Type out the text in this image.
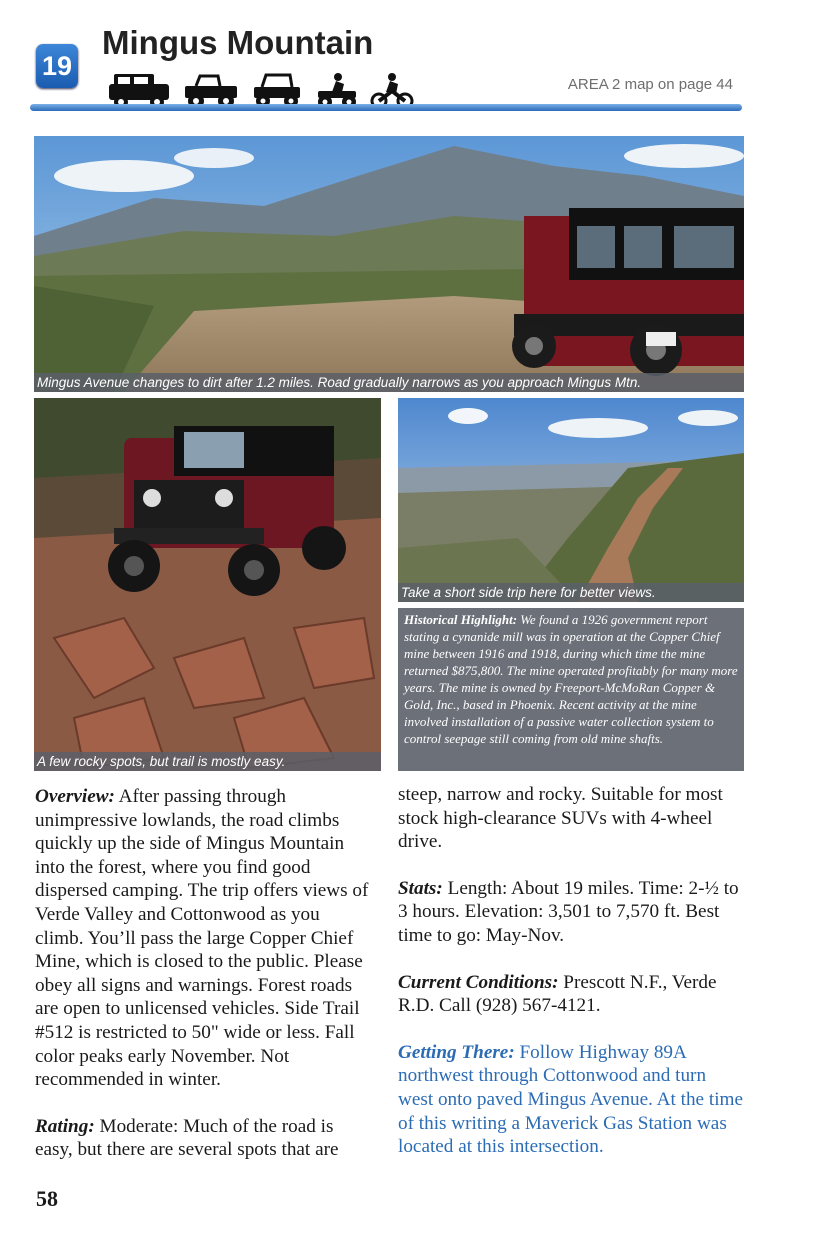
19
Mingus Mountain
AREA 2 map on page 44
Mingus Avenue changes to dirt after 1.2 miles. Road gradually narrows as you approach Mingus Mtn.
A few rocky spots, but trail is mostly easy.
Take a short side trip here for better views.
Historical Highlight: We found a 1926 government report stating a cynanide mill was in operation at the Copper Chief mine between 1916 and 1918, during which time the mine returned $875,800. The mine operated profitably for many more years. The mine is owned by Freeport-McMoRan Copper & Gold, Inc., based in Phoenix. Recent activity at the mine involved installation of a passive water collection system to control seepage still coming from old mine shafts.

Overview: After passing through unimpressive lowlands, the road climbs quickly up the side of Mingus Mountain into the forest, where you find good dispersed camping. The trip offers views of Verde Valley and Cottonwood as you climb. You’ll pass the large Copper Chief Mine, which is closed to the public. Please obey all signs and warnings. Forest roads are open to unlicensed vehicles. Side Trail #512 is restricted to 50" wide or less. Fall color peaks early November. Not recommended in winter.

Rating: Moderate: Much of the road is easy, but there are several spots that are

steep, narrow and rocky. Suitable for most stock high-clearance SUVs with 4-wheel drive.

Stats: Length: About 19 miles. Time: 2-½ to 3 hours. Elevation: 3,501 to 7,570 ft. Best time to go: May-Nov.

Current Conditions: Prescott N.F., Verde R.D. Call (928) 567-4121.

Getting There: Follow Highway 89A northwest through Cottonwood and turn west onto paved Mingus Avenue. At the time of this writing a Maverick Gas Station was located at this intersection.

58
